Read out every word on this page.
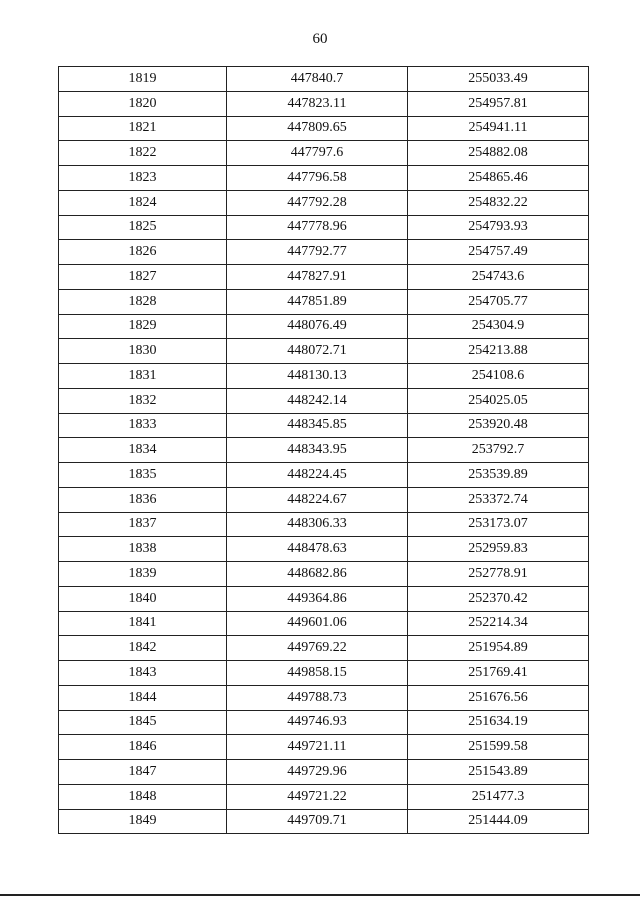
60
1819	447840.7	255033.49
1820	447823.11	254957.81
1821	447809.65	254941.11
1822	447797.6	254882.08
1823	447796.58	254865.46
1824	447792.28	254832.22
1825	447778.96	254793.93
1826	447792.77	254757.49
1827	447827.91	254743.6
1828	447851.89	254705.77
1829	448076.49	254304.9
1830	448072.71	254213.88
1831	448130.13	254108.6
1832	448242.14	254025.05
1833	448345.85	253920.48
1834	448343.95	253792.7
1835	448224.45	253539.89
1836	448224.67	253372.74
1837	448306.33	253173.07
1838	448478.63	252959.83
1839	448682.86	252778.91
1840	449364.86	252370.42
1841	449601.06	252214.34
1842	449769.22	251954.89
1843	449858.15	251769.41
1844	449788.73	251676.56
1845	449746.93	251634.19
1846	449721.11	251599.58
1847	449729.96	251543.89
1848	449721.22	251477.3
1849	449709.71	251444.09
